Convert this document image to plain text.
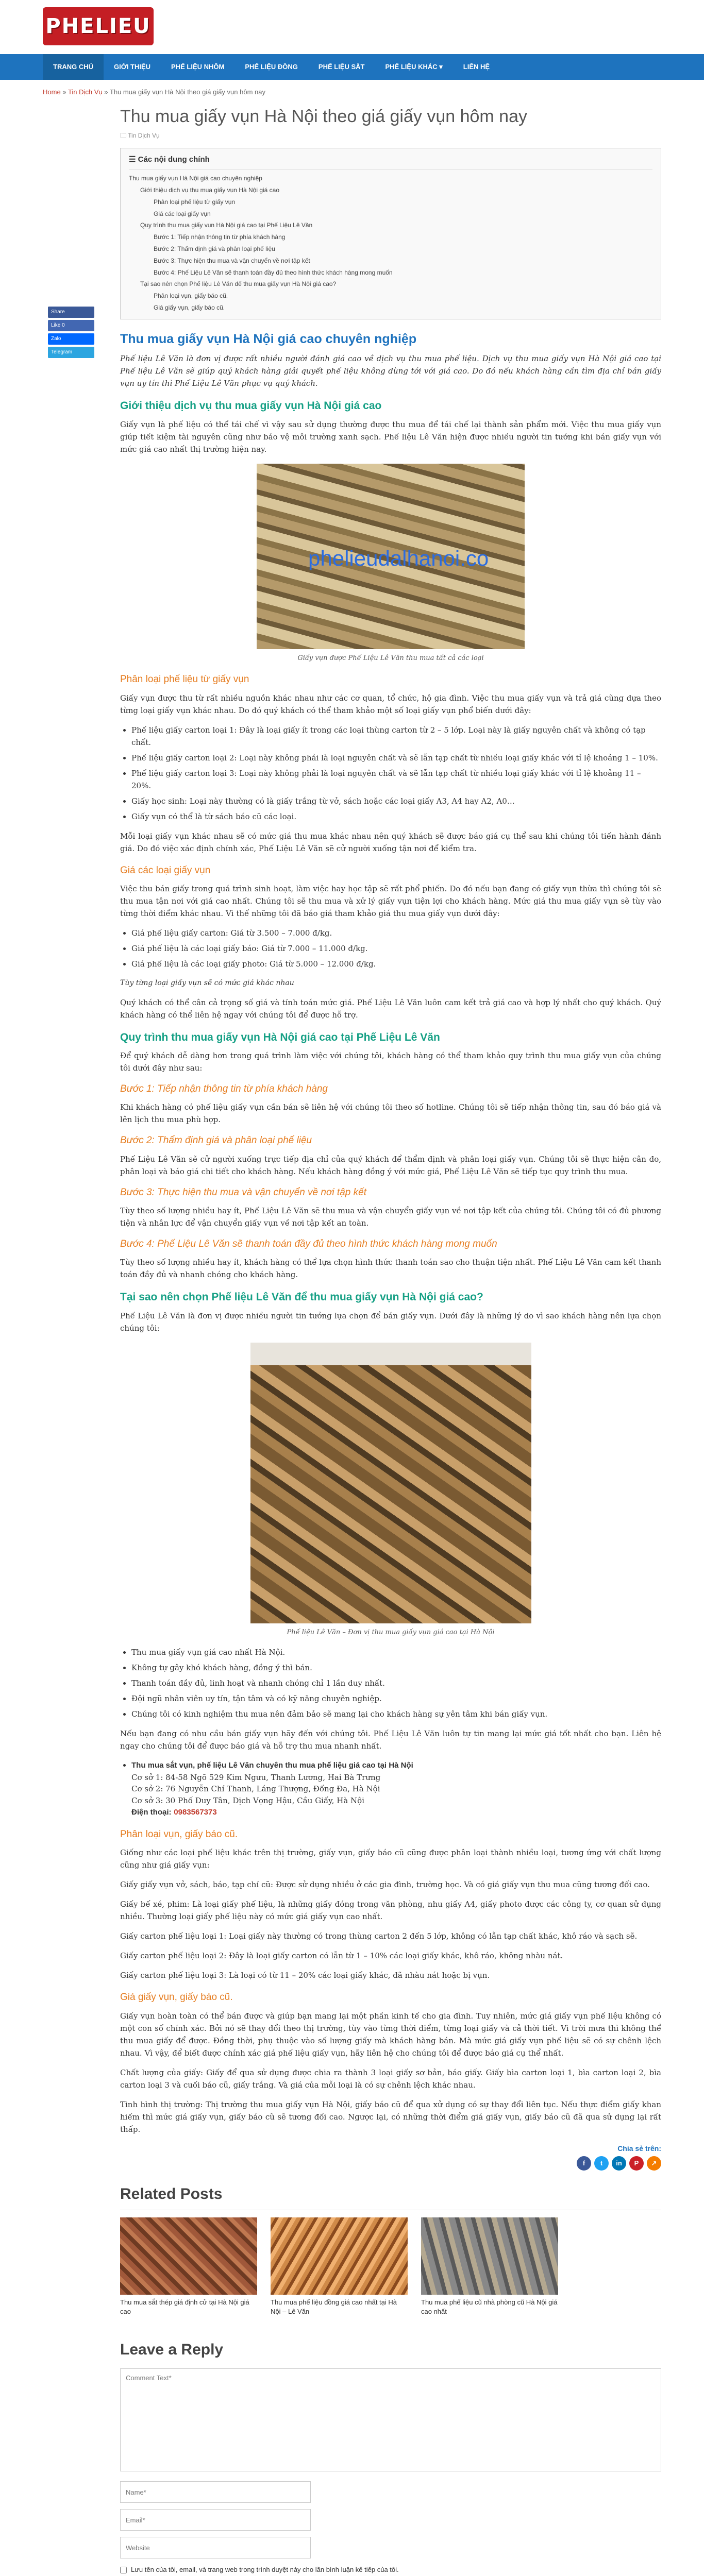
PHELIEU
TRANG CHỦ	GIỚI THIỆU	PHẾ LIỆU NHÔM	PHẾ LIỆU ĐỒNG	PHẾ LIỆU SẮT	PHẾ LIỆU KHÁC ▾	LIÊN HỆ
Home » Tin Dịch Vụ » Thu mua giấy vụn Hà Nội theo giá giấy vụn hôm nay
Share
Like 0
Zalo
Telegram
Thu mua giấy vụn Hà Nội theo giá giấy vụn hôm nay
🗀 Tin Dịch Vụ
☰ Các nội dung chính
Thu mua giấy vụn Hà Nội giá cao chuyên nghiệp
Giới thiệu dịch vụ thu mua giấy vụn Hà Nội giá cao
Phân loại phế liệu từ giấy vụn
Giá các loại giấy vụn
Quy trình thu mua giấy vụn Hà Nội giá cao tại Phế Liệu Lê Văn
Bước 1: Tiếp nhận thông tin từ phía khách hàng
Bước 2: Thẩm định giá và phân loại phế liệu
Bước 3: Thực hiện thu mua và vận chuyển về nơi tập kết
Bước 4: Phế Liệu Lê Văn sẽ thanh toán đầy đủ theo hình thức khách hàng mong muốn
Tại sao nên chọn Phế liệu Lê Văn để thu mua giấy vụn Hà Nội giá cao?
Phân loại vụn, giấy báo cũ.
Giá giấy vụn, giấy báo cũ.
Thu mua giấy vụn Hà Nội giá cao chuyên nghiệp

Phế liệu Lê Văn là đơn vị được rất nhiều người đánh giá cao về dịch vụ thu mua phế liệu. Dịch vụ thu mua giấy vụn Hà Nội giá cao tại Phế liệu Lê Văn sẽ giúp quý khách hàng giải quyết phế liệu không dùng tới với giá cao. Do đó nếu khách hàng cần tìm địa chỉ bán giấy vụn uy tín thì Phế Liệu Lê Văn phục vụ quý khách.

Giới thiệu dịch vụ thu mua giấy vụn Hà Nội giá cao

Giấy vụn là phế liệu có thể tái chế vì vậy sau sử dụng thường được thu mua để tái chế lại thành sản phẩm mới. Việc thu mua giấy vụn giúp tiết kiệm tài nguyên cũng như bảo vệ môi trường xanh sạch. Phế liệu Lê Văn hiện được nhiều người tin tưởng khi bán giấy vụn với mức giá cao nhất thị trường hiện nay.

phelieudalhanoi.co
Giấy vụn được Phế Liệu Lê Văn thu mua tất cả các loại
Phân loại phế liệu từ giấy vụn

Giấy vụn được thu từ rất nhiều nguồn khác nhau như các cơ quan, tổ chức, hộ gia đình. Việc thu mua giấy vụn và trả giá cũng dựa theo từng loại giấy vụn khác nhau. Do đó quý khách có thể tham khảo một số loại giấy vụn phổ biến dưới đây:

• Phế liệu giấy carton loại 1: Đây là loại giấy ít trong các loại thùng carton từ 2 – 5 lớp. Loại này là giấy nguyên chất và không có tạp chất.
• Phế liệu giấy carton loại 2: Loại này không phải là loại nguyên chất và sẽ lẫn tạp chất từ nhiều loại giấy khác với tỉ lệ khoảng 1 – 10%.
• Phế liệu giấy carton loại 3: Loại này không phải là loại nguyên chất và sẽ lẫn tạp chất từ nhiều loại giấy khác với tỉ lệ khoảng 11 – 20%.
• Giấy học sinh: Loại này thường có là giấy trắng từ vở, sách hoặc các loại giấy A3, A4 hay A2, A0…
• Giấy vụn có thể là từ sách báo cũ các loại.

Mỗi loại giấy vụn khác nhau sẽ có mức giá thu mua khác nhau nên quý khách sẽ được báo giá cụ thể sau khi chúng tôi tiến hành đánh giá. Do đó việc xác định chính xác, Phế Liệu Lê Văn sẽ cử người xuống tận nơi để kiểm tra.

Giá các loại giấy vụn

Việc thu bán giấy trong quá trình sinh hoạt, làm việc hay học tập sẽ rất phổ phiến. Do đó nếu bạn đang có giấy vụn thừa thì chúng tôi sẽ thu mua tận nơi với giá cao nhất. Chúng tôi sẽ thu mua và xử lý giấy vụn tiện lợi cho khách hàng. Mức giá thu mua giấy vụn sẽ tùy vào từng thời điểm khác nhau. Vì thế những tôi đã báo giá tham khảo giá thu mua giấy vụn dưới đây:

• Giá phế liệu giấy carton: Giá từ 3.500 – 7.000 đ/kg.
• Giá phế liệu là các loại giấy báo: Giá từ 7.000 – 11.000 đ/kg.
• Giá phế liệu là các loại giấy photo: Giá từ 5.000 – 12.000 đ/kg.

Tùy từng loại giấy vụn sẽ có mức giá khác nhau

Quý khách có thể cân cả trọng số giá và tính toán mức giá. Phế Liệu Lê Văn luôn cam kết trả giá cao và hợp lý nhất cho quý khách. Quý khách hàng có thể liên hệ ngay với chúng tôi để được hỗ trợ.

Quy trình thu mua giấy vụn Hà Nội giá cao tại Phế Liệu Lê Văn

Để quý khách dễ dàng hơn trong quá trình làm việc với chúng tôi, khách hàng có thể tham khảo quy trình thu mua giấy vụn của chúng tôi dưới đây như sau:

Bước 1: Tiếp nhận thông tin từ phía khách hàng

Khi khách hàng có phế liệu giấy vụn cần bán sẽ liên hệ với chúng tôi theo số hotline. Chúng tôi sẽ tiếp nhận thông tin, sau đó báo giá và lên lịch thu mua phù hợp.

Bước 2: Thẩm định giá và phân loại phế liệu

Phế Liệu Lê Văn sẽ cử người xuống trực tiếp địa chỉ của quý khách để thẩm định và phân loại giấy vụn. Chúng tôi sẽ thực hiện cân đo, phân loại và báo giá chi tiết cho khách hàng. Nếu khách hàng đồng ý với mức giá, Phế Liệu Lê Văn sẽ tiếp tục quy trình thu mua.

Bước 3: Thực hiện thu mua và vận chuyển về nơi tập kết

Tùy theo số lượng nhiều hay ít, Phế Liệu Lê Văn sẽ thu mua và vận chuyển giấy vụn về nơi tập kết của chúng tôi. Chúng tôi có đủ phương tiện và nhân lực để vận chuyển giấy vụn về nơi tập kết an toàn.

Bước 4: Phế Liệu Lê Văn sẽ thanh toán đầy đủ theo hình thức khách hàng mong muốn

Tùy theo số lượng nhiều hay ít, khách hàng có thể lựa chọn hình thức thanh toán sao cho thuận tiện nhất. Phế Liệu Lê Văn cam kết thanh toán đầy đủ và nhanh chóng cho khách hàng.

Tại sao nên chọn Phế liệu Lê Văn để thu mua giấy vụn Hà Nội giá cao?

Phế Liệu Lê Văn là đơn vị được nhiều người tin tưởng lựa chọn để bán giấy vụn. Dưới đây là những lý do vì sao khách hàng nên lựa chọn chúng tôi:

Phế liệu Lê Văn – Đơn vị thu mua giấy vụn giá cao tại Hà Nội
• Thu mua giấy vụn giá cao nhất Hà Nội.
• Không tự gây khó khách hàng, đồng ý thì bán.
• Thanh toán đầy đủ, linh hoạt và nhanh chóng chỉ 1 lần duy nhất.
• Đội ngũ nhân viên uy tín, tận tâm và có kỹ năng chuyên nghiệp.
• Chúng tôi có kinh nghiệm thu mua nên đảm bảo sẽ mang lại cho khách hàng sự yên tâm khi bán giấy vụn.

Nếu bạn đang có nhu cầu bán giấy vụn hãy đến với chúng tôi. Phế Liệu Lê Văn luôn tự tin mang lại mức giá tốt nhất cho bạn. Liên hệ ngay cho chúng tôi để được báo giá và hỗ trợ thu mua nhanh nhất.

• Thu mua sắt vụn, phế liệu Lê Văn chuyên thu mua phế liệu giá cao tại Hà Nội
Cơ sở 1: 84-58 Ngõ 529 Kim Ngưu, Thanh Lương, Hai Bà Trưng
Cơ sở 2: 76 Nguyễn Chí Thanh, Láng Thượng, Đống Đa, Hà Nội
Cơ sở 3: 30 Phố Duy Tân, Dịch Vọng Hậu, Cầu Giấy, Hà Nội
Điện thoại: 0983567373
Phân loại vụn, giấy báo cũ.

Giống như các loại phế liệu khác trên thị trường, giấy vụn, giấy báo cũ cũng được phân loại thành nhiều loại, tương ứng với chất lượng cũng như giá giấy vụn:

Giấy giấy vụn vở, sách, báo, tạp chí cũ: Được sử dụng nhiều ở các gia đình, trường học. Và có giá giấy vụn thu mua cũng tương đối cao.

Giấy bế xé, phim: Là loại giấy phế liệu, là những giấy đóng trong văn phòng, nhu giấy A4, giấy photo được các công ty, cơ quan sử dụng nhiều. Thường loại giấy phế liệu này có mức giá giấy vụn cao nhất.

Giấy carton phế liệu loại 1: Loại giấy này thường có trong thùng carton 2 đến 5 lớp, không có lẫn tạp chất khác, khô ráo và sạch sẽ.

Giấy carton phế liệu loại 2: Đây là loại giấy carton có lẫn từ 1 – 10% các loại giấy khác, khô ráo, không nhàu nát.

Giấy carton phế liệu loại 3: Là loại có từ 11 – 20% các loại giấy khác, đã nhàu nát hoặc bị vụn.

Giá giấy vụn, giấy báo cũ.

Giấy vụn hoàn toàn có thể bán được và giúp bạn mang lại một phần kinh tế cho gia đình. Tuy nhiên, mức giá giấy vụn phế liệu không có một con số chính xác. Bởi nó sẽ thay đổi theo thị trường, tùy vào từng thời điểm, từng loại giấy và cả thời tiết. Vì trời mưa thì không thể thu mua giấy để được. Đồng thời, phụ thuộc vào số lượng giấy mà khách hàng bán. Mà mức giá giấy vụn phế liệu sẽ có sự chênh lệch nhau. Vì vậy, để biết được chính xác giá phế liệu giấy vụn, hãy liên hệ cho chúng tôi để được báo giá cụ thể nhất.

Chất lượng của giấy: Giấy để qua sử dụng được chia ra thành 3 loại giấy sơ bản, báo giấy. Giấy bìa carton loại 1, bìa carton loại 2, bìa carton loại 3 và cuối báo cũ, giấy trắng. Và giá của mỗi loại là có sự chênh lệch khác nhau.

Tình hình thị trường: Thị trường thu mua giấy vụn Hà Nội, giấy báo cũ để qua xử dụng có sự thay đổi liên tục. Nếu thực điểm giấy khan hiếm thì mức giá giấy vụn, giấy báo cũ sẽ tương đối cao. Ngược lại, có những thời điểm giá giấy vụn, giấy báo cũ đã qua sử dụng lại rất thấp.

Chia sẻ trên:
f	t	in	P	↗
Related Posts
Thu mua sắt thép giá định cử tại Hà Nội giá cao
Thu mua phế liệu đồng giá cao nhất tại Hà Nội – Lê Văn
Thu mua phế liệu cũ nhà phòng cũ Hà Nội giá cao nhất
Leave a Reply
Comment Text*
Name*
Email*
Website
Lưu tên của tôi, email, và trang web trong trình duyệt này cho lần bình luận kế tiếp của tôi.
